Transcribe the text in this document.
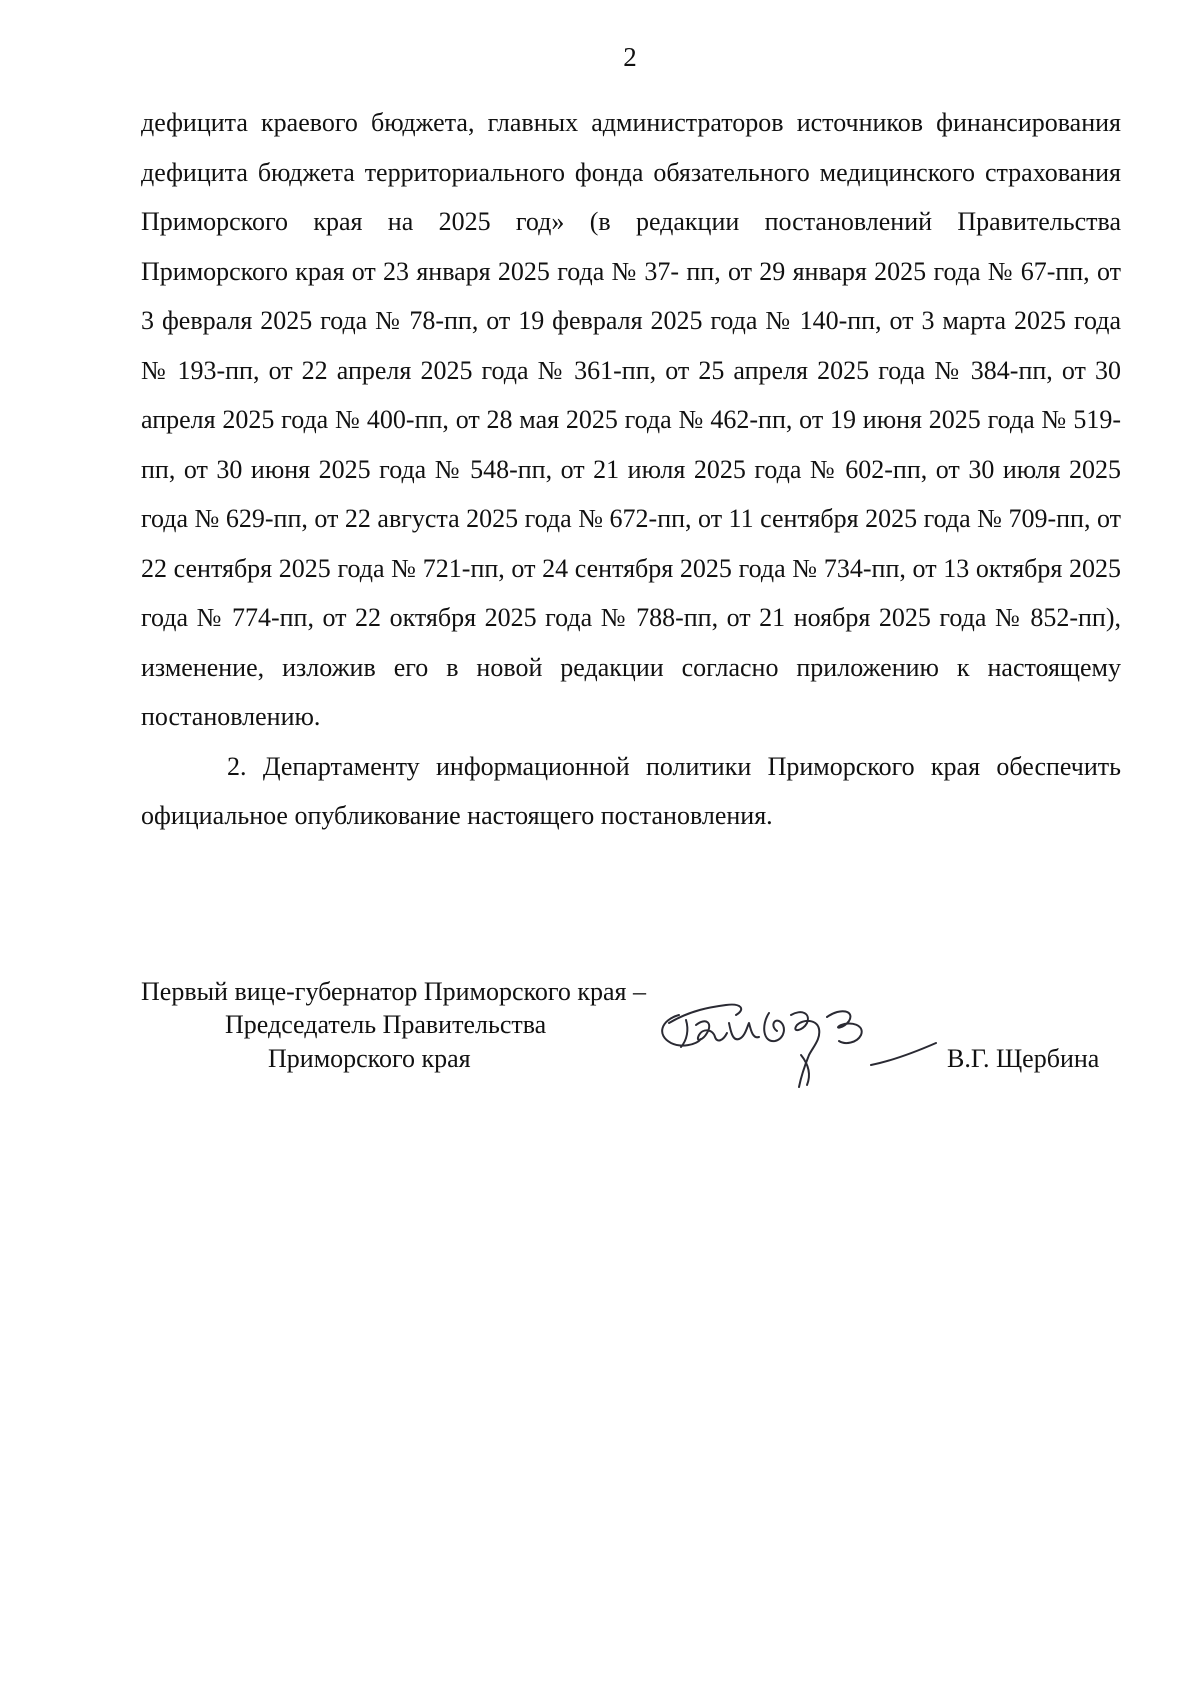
2

дефицита краевого бюджета, главных администраторов источников финансирования дефицита бюджета территориального фонда обязательного медицинского страхования Приморского края на 2025 год» (в редакции постановлений Правительства Приморского края от 23 января 2025 года № 37- пп, от 29 января 2025 года № 67-пп, от 3 февраля 2025 года № 78-пп, от 19 февраля 2025 года № 140-пп, от 3 марта 2025 года № 193-пп, от 22 апреля 2025 года № 361-пп, от 25 апреля 2025 года № 384-пп, от 30 апреля 2025 года № 400-пп, от 28 мая 2025 года № 462-пп, от 19 июня 2025 года № 519-пп, от 30 июня 2025 года № 548-пп, от 21 июля 2025 года № 602-пп, от 30 июля 2025 года № 629-пп, от 22 августа 2025 года № 672-пп, от 11 сентября 2025 года № 709-пп, от 22 сентября 2025 года № 721-пп, от 24 сентября 2025 года № 734-пп, от 13 октября 2025 года № 774-пп, от 22 октября 2025 года № 788-пп, от 21 ноября 2025 года № 852-пп), изменение, изложив его в новой редакции согласно приложению к настоящему постановлению.

2. Департаменту информационной политики Приморского края обеспечить официальное опубликование настоящего постановления.

Первый вице-губернатор Приморского края –
Председатель Правительства
Приморского края	В.Г. Щербина
